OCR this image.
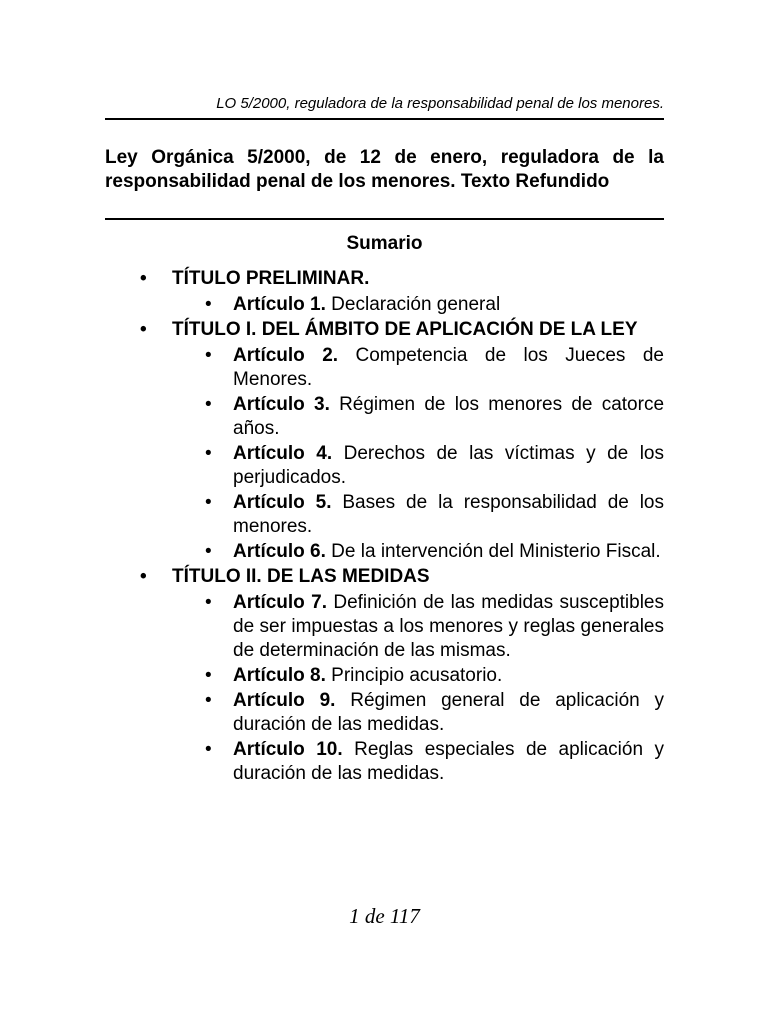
LO 5/2000, reguladora de la responsabilidad penal de los menores.
Ley Orgánica 5/2000, de 12 de enero, reguladora de la responsabilidad penal de los menores. Texto Refundido
Sumario
• TÍTULO PRELIMINAR.
• Artículo 1. Declaración general
• TÍTULO I. DEL ÁMBITO DE APLICACIÓN DE LA LEY
• Artículo 2. Competencia de los Jueces de Menores.
• Artículo 3. Régimen de los menores de catorce años.
• Artículo 4. Derechos de las víctimas y de los perjudicados.
• Artículo 5. Bases de la responsabilidad de los menores.
• Artículo 6. De la intervención del Ministerio Fiscal.
• TÍTULO II. DE LAS MEDIDAS
• Artículo 7. Definición de las medidas susceptibles de ser impuestas a los menores y reglas generales de determinación de las mismas.
• Artículo 8. Principio acusatorio.
• Artículo 9. Régimen general de aplicación y duración de las medidas.
• Artículo 10. Reglas especiales de aplicación y duración de las medidas.
1 de 117
